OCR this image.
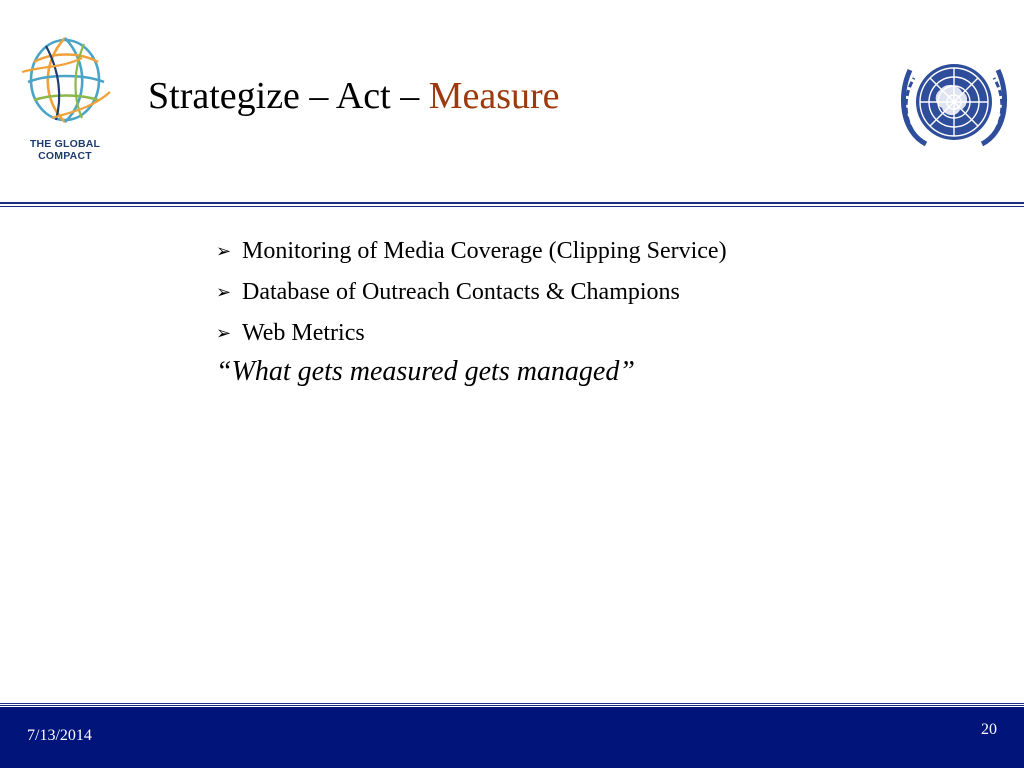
THE GLOBAL
COMPACT
Strategize – Act – Measure
➢ Monitoring of Media Coverage (Clipping Service)
➢ Database of Outreach Contacts & Champions
➢ Web Metrics

“What gets measured gets managed”

7/13/2014	20
